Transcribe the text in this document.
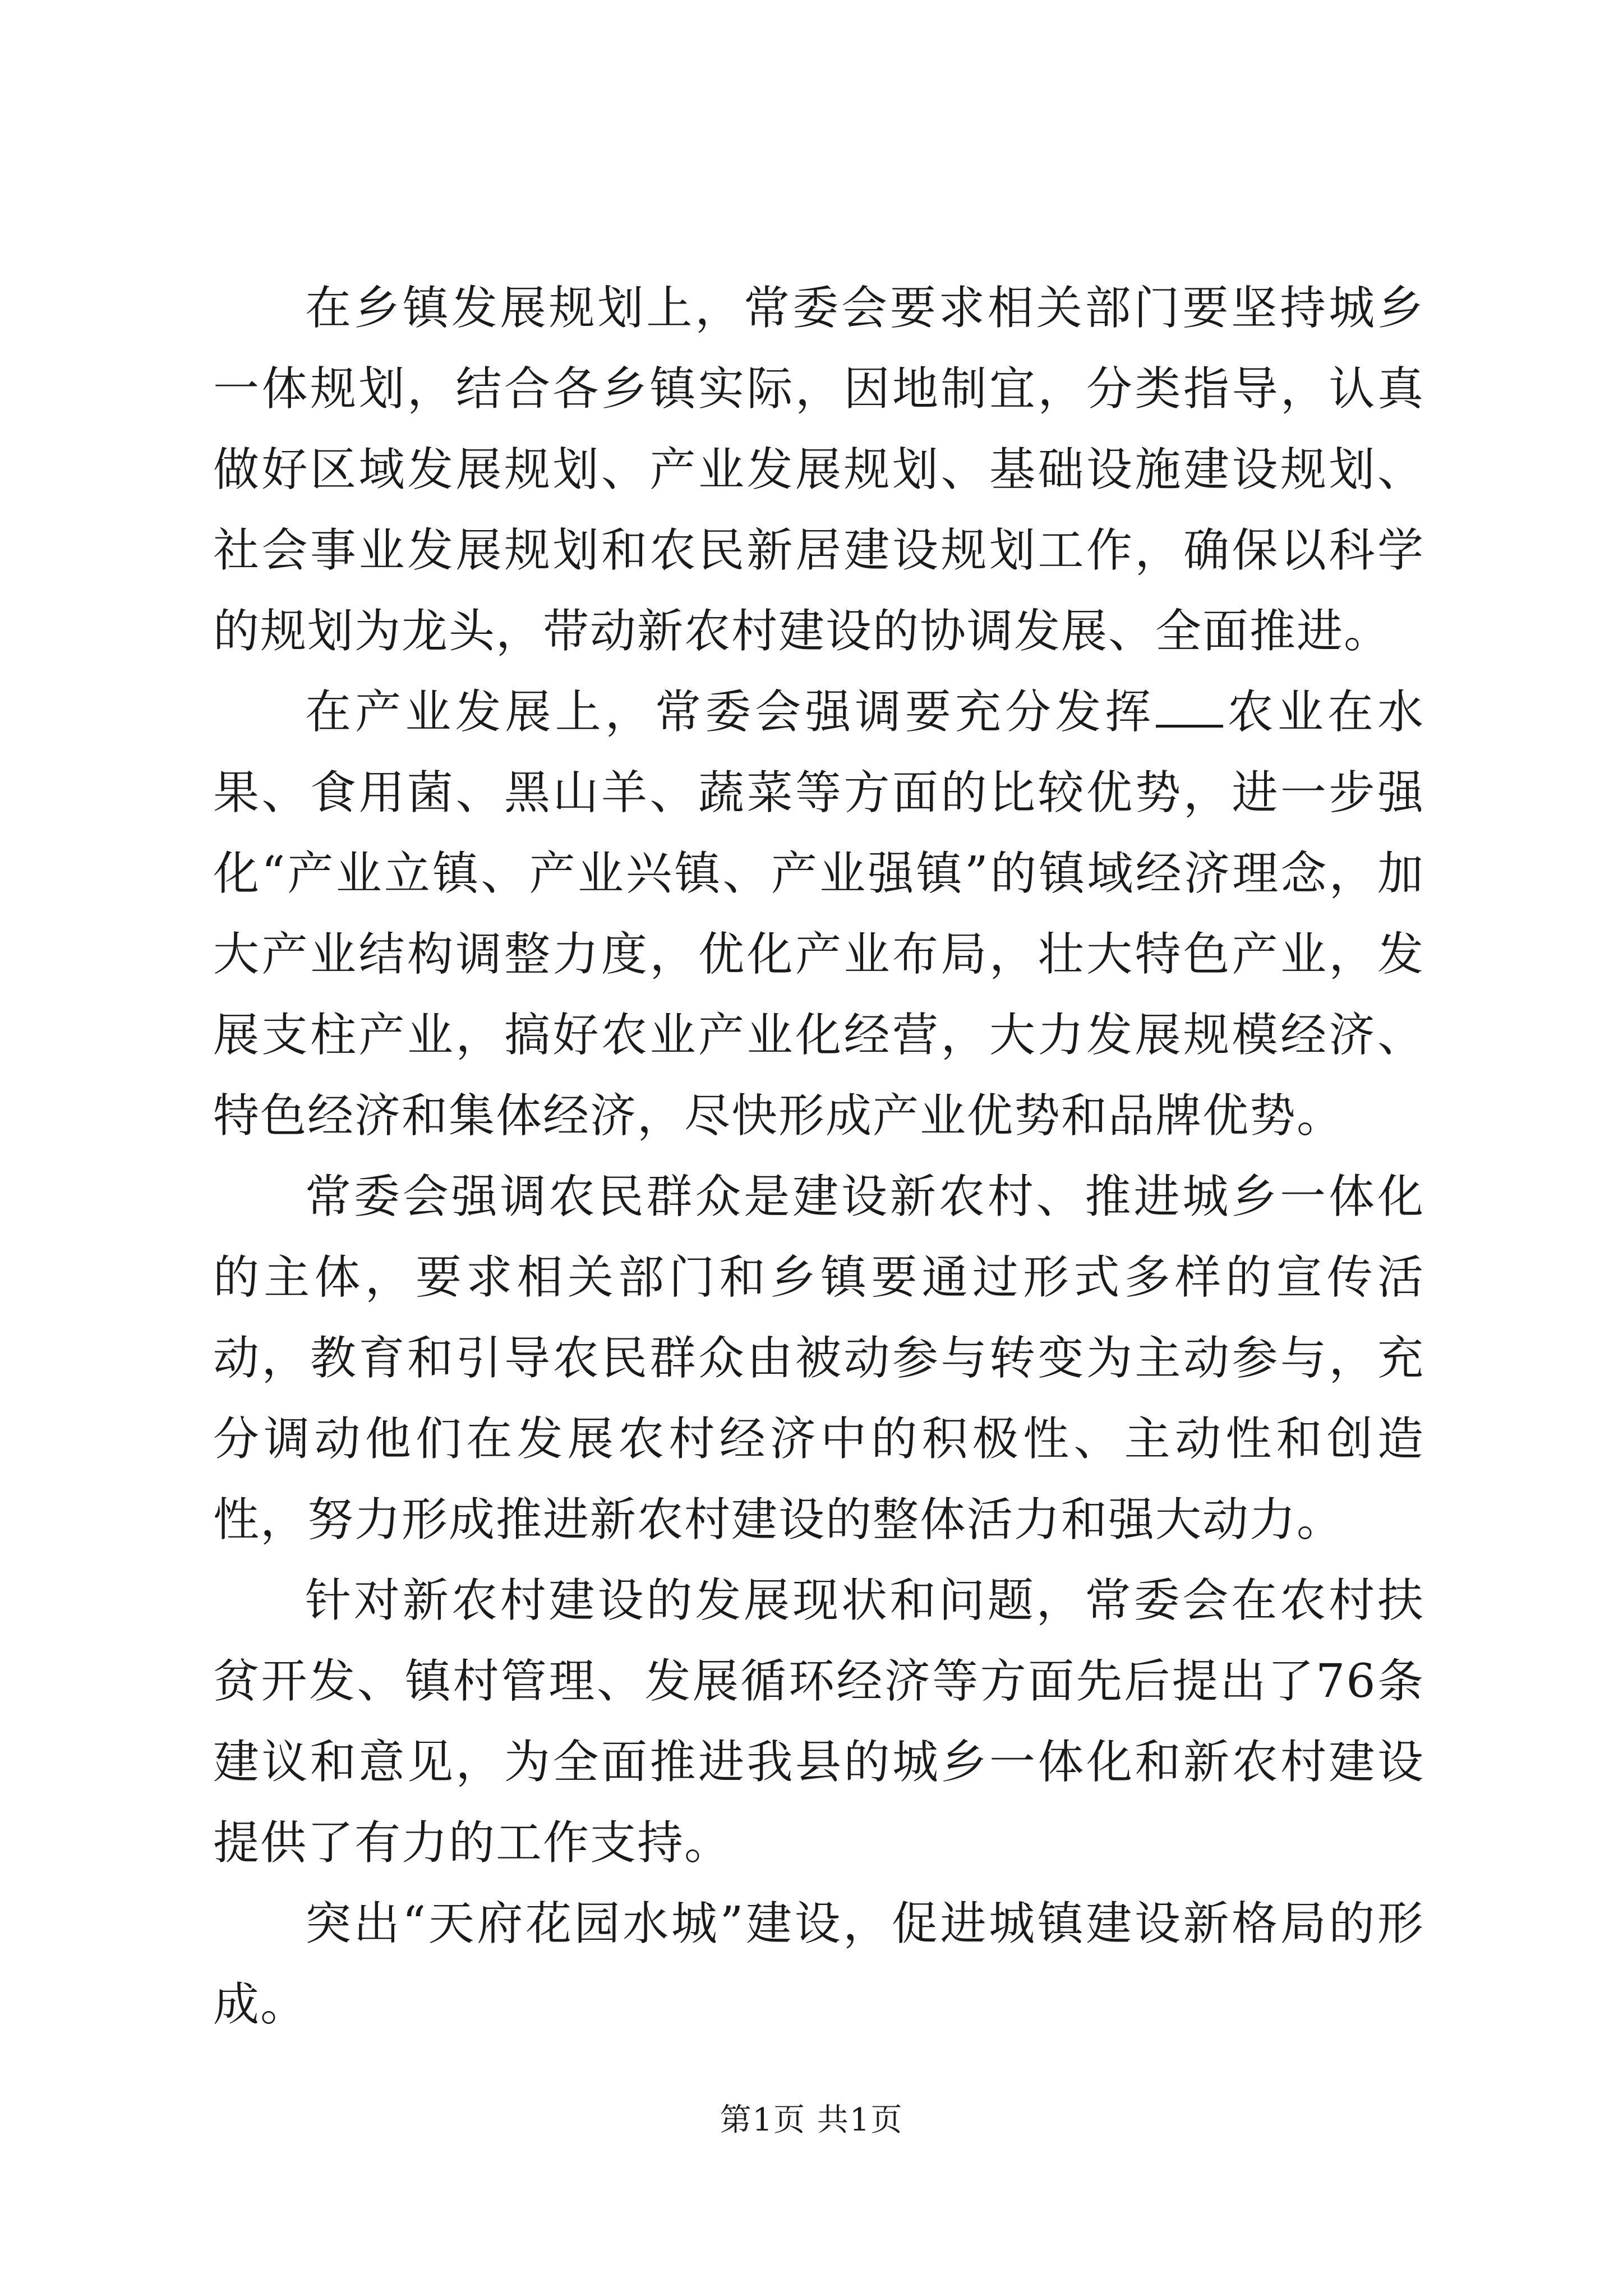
在乡镇发展规划上，常委会要求相关部门要坚持城乡一体规划，结合各乡镇实际，因地制宜，分类指导，认真做好区域发展规划、产业发展规划、基础设施建设规划、社会事业发展规划和农民新居建设规划工作，确保以科学的规划为龙头，带动新农村建设的协调发展、全面推进。

在产业发展上，常委会强调要充分发挥 农业在水果、食用菌、黑山羊、蔬菜等方面的比较优势，进一步强化“产业立镇、产业兴镇、产业强镇”的镇域经济理念，加大产业结构调整力度，优化产业布局，壮大特色产业，发展支柱产业，搞好农业产业化经营，大力发展规模经济、特色经济和集体经济，尽快形成产业优势和品牌优势。

常委会强调农民群众是建设新农村、推进城乡一体化的主体，要求相关部门和乡镇要通过形式多样的宣传活动，教育和引导农民群众由被动参与转变为主动参与，充分调动他们在发展农村经济中的积极性、主动性和创造性，努力形成推进新农村建设的整体活力和强大动力。

针对新农村建设的发展现状和问题，常委会在农村扶贫开发、镇村管理、发展循环经济等方面先后提出了76条建议和意见，为全面推进我县的城乡一体化和新农村建设提供了有力的工作支持。

突出“天府花园水城”建设，促进城镇建设新格局的形成。

第1页 共1页
